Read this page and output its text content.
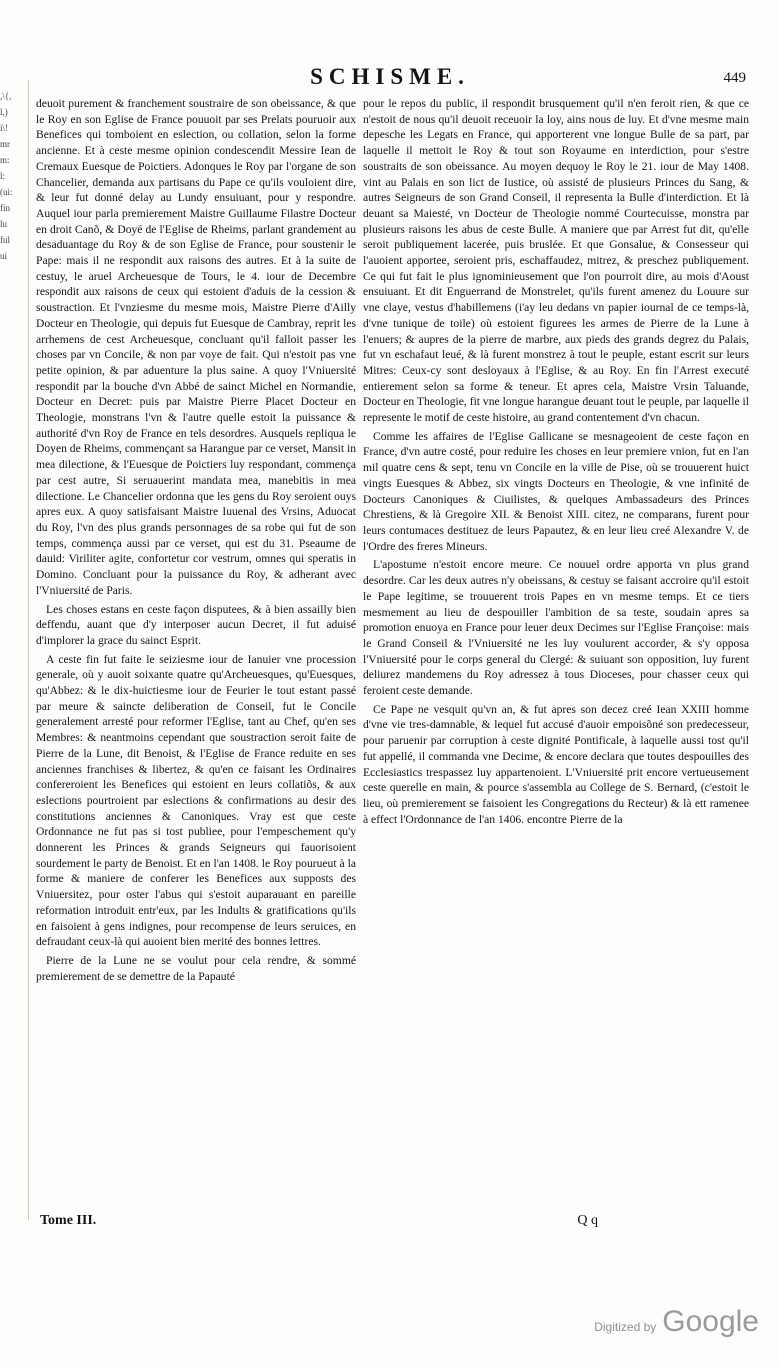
,\{,
l,)
i\!
mr
m:
l:
(ui:
fin
lu
ful
ui
SCHISME.	449

deuoit purement & franchement soustraire de son obeissance, & que le Roy en son Eglise de France pouuoit par ses Prelats pouruoir aux Benefices qui tomboient en eslection, ou collation, selon la forme ancienne. Et à ceste mesme opinion condescendit Messire Iean de Cremaux Euesque de Poictiers. Adonques le Roy par l'organe de son Chancelier, demanda aux partisans du Pape ce qu'ils vouloient dire, & leur fut donné delay au Lundy ensuiuant, pour y respondre. Auquel iour parla premierement Maistre Guillaume Filastre Docteur en droit Canõ, & Doyé de l'Eglise de Rheims, parlant grandement au desaduantage du Roy & de son Eglise de France, pour soustenir le Pape: mais il ne respondit aux raisons des autres. Et à la suite de cestuy, le aruel Archeuesque de Tours, le 4. iour de Decembre respondit aux raisons de ceux qui estoient d'aduis de la cession & soustraction. Et l'vnziesme du mesme mois, Maistre Pierre d'Ailly Docteur en Theologie, qui depuis fut Euesque de Cambray, reprit les arrhemens de cest Archeuesque, concluant qu'il falloit passer les choses par vn Concile, & non par voye de fait. Qui n'estoit pas vne petite opinion, & par aduenture la plus saine. A quoy l'Vniuersité respondit par la bouche d'vn Abbé de sainct Michel en Normandie, Docteur en Decret: puis par Maistre Pierre Placet Docteur en Theologie, monstrans l'vn & l'autre quelle estoit la puissance & authorité d'vn Roy de France en tels desordres. Ausquels repliqua le Doyen de Rheims, commençant sa Harangue par ce verset, Mansit in mea dilectione, & l'Euesque de Poictiers luy respondant, commença par cest autre, Si seruauerint mandata mea, manebitis in mea dilectione. Le Chancelier ordonna que les gens du Roy seroient ouys apres eux. A quoy satisfaisant Maistre Iuuenal des Vrsins, Aduocat du Roy, l'vn des plus grands personnages de sa robe qui fut de son temps, commença aussi par ce verset, qui est du 31. Pseaume de dauid: Viriliter agite, confortetur cor vestrum, omnes qui speratis in Domino. Concluant pour la puissance du Roy, & adherant avec l'Vniuersité de Paris.

Les choses estans en ceste façon disputees, & à bien assailly bien deffendu, auant que d'y interposer aucun Decret, il fut aduisé d'implorer la grace du sainct Esprit.

A ceste fin fut faite le seiziesme iour de Ianuier vne procession generale, où y auoit soixante quatre qu'Archeuesques, qu'Euesques, qu'Abbez: & le dix-huictiesme iour de Feurier le tout estant passé par meure & saincte deliberation de Conseil, fut le Concile generalement arresté pour reformer l'Eglise, tant au Chef, qu'en ses Membres: & neantmoins cependant que soustraction seroit faite de Pierre de la Lune, dit Benoist, & l'Eglise de France reduite en ses anciennes franchises & libertez, & qu'en ce faisant les Ordinaires confereroient les Benefices qui estoient en leurs collatiõs, & aux eslections pourtroient par eslections & confirmations au desir des constitutions anciennes & Canoniques. Vray est que ceste Ordonnance ne fut pas si tost publiee, pour l'empeschement qu'y donnerent les Princes & grands Seigneurs qui fauorisoient sourdement le party de Benoist. Et en l'an 1408. le Roy pourueut à la forme & maniere de conferer les Benefices aux supposts des Vniuersitez, pour oster l'abus qui s'estoit auparauant en pareille reformation introduit entr'eux, par les Indults & gratifications qu'ils en faisoient à gens indignes, pour recompense de leurs seruices, en defraudant ceux-là qui auoient bien merité des bonnes lettres.

Pierre de la Lune ne se voulut pour cela rendre, & sommé premierement de se demettre de la Papauté

pour le repos du public, il respondit brusquement qu'il n'en feroit rien, & que ce n'estoit de nous qu'il deuoit receuoir la loy, ains nous de luy. Et d'vne mesme main depesche les Legats en France, qui apporterent vne longue Bulle de sa part, par laquelle il mettoit le Roy & tout son Royaume en interdiction, pour s'estre soustraits de son obeissance. Au moyen dequoy le Roy le 21. iour de May 1408. vint au Palais en son lict de Iustice, où assisté de plusieurs Princes du Sang, & autres Seigneurs de son Grand Conseil, il representa la Bulle d'interdiction. Et là deuant sa Maiesté, vn Docteur de Theologie nommé Courtecuisse, monstra par plusieurs raisons les abus de ceste Bulle. A maniere que par Arrest fut dit, qu'elle seroit publiquement lacerée, puis bruslée. Et que Gonsalue, & Consesseur qui l'auoient apportee, seroient pris, eschaffaudez, mitrez, & preschez publiquement. Ce qui fut fait le plus ignominieusement que l'on pourroit dire, au mois d'Aoust ensuiuant. Et dit Enguerrand de Monstrelet, qu'ils furent amenez du Louure sur vne claye, vestus d'habillemens (i'ay leu dedans vn papier iournal de ce temps-là, d'vne tunique de toile) où estoient figurees les armes de Pierre de la Lune à l'enuers; & aupres de la pierre de marbre, aux pieds des grands degrez du Palais, fut vn eschafaut leué, & là furent monstrez à tout le peuple, estant escrit sur leurs Mitres: Ceux-cy sont desloyaux à l'Eglise, & au Roy. En fin l'Arrest executé entierement selon sa forme & teneur. Et apres cela, Maistre Vrsin Taluande, Docteur en Theologie, fit vne longue harangue deuant tout le peuple, par laquelle il represente le motif de ceste histoire, au grand contentement d'vn chacun.

Comme les affaires de l'Eglise Gallicane se mesnageoient de ceste façon en France, d'vn autre costé, pour reduire les choses en leur premiere vnion, fut en l'an mil quatre cens & sept, tenu vn Concile en la ville de Pise, où se trouuerent huict vingts Euesques & Abbez, six vingts Docteurs en Theologie, & vne infinité de Docteurs Canoniques & Ciuilistes, & quelques Ambassadeurs des Princes Chrestiens, & là Gregoire XII. & Benoist XIII. citez, ne comparans, furent pour leurs contumaces destituez de leurs Papautez, & en leur lieu creé Alexandre V. de l'Ordre des freres Mineurs.

L'apostume n'estoit encore meure. Ce nouuel ordre apporta vn plus grand desordre. Car les deux autres n'y obeissans, & cestuy se faisant accroire qu'il estoit le Pape legitime, se trouuerent trois Papes en vn mesme temps. Et ce tiers mesmement au lieu de despouiller l'ambition de sa teste, soudain apres sa promotion enuoya en France pour leuer deux Decimes sur l'Eglise Françoise: mais le Grand Conseil & l'Vniuersité ne les luy voulurent accorder, & s'y opposa l'Vniuersité pour le corps general du Clergé: & suiuant son opposition, luy furent deliurez mandemens du Roy adressez à tous Dioceses, pour chasser ceux qui feroient ceste demande.

Ce Pape ne vesquit qu'vn an, & fut apres son decez creé Iean XXIII homme d'vne vie tres-damnable, & lequel fut accusé d'auoir empoisõné son predecesseur, pour paruenir par corruption à ceste dignité Pontificale, à laquelle aussi tost qu'il fut appellé, il commanda vne Decime, & encore declara que toutes despouilles des Ecclesiastics trespassez luy appartenoient. L'Vniuersité prit encore vertueusement ceste querelle en main, & pource s'assembla au College de S. Bernard, (c'estoit le lieu, où premierement se faisoient les Congregations du Recteur) & là ett ramenee à effect l'Ordonnance de l'an 1406. encontre Pierre de la

Tome III.	Q q
Digitized by Google
